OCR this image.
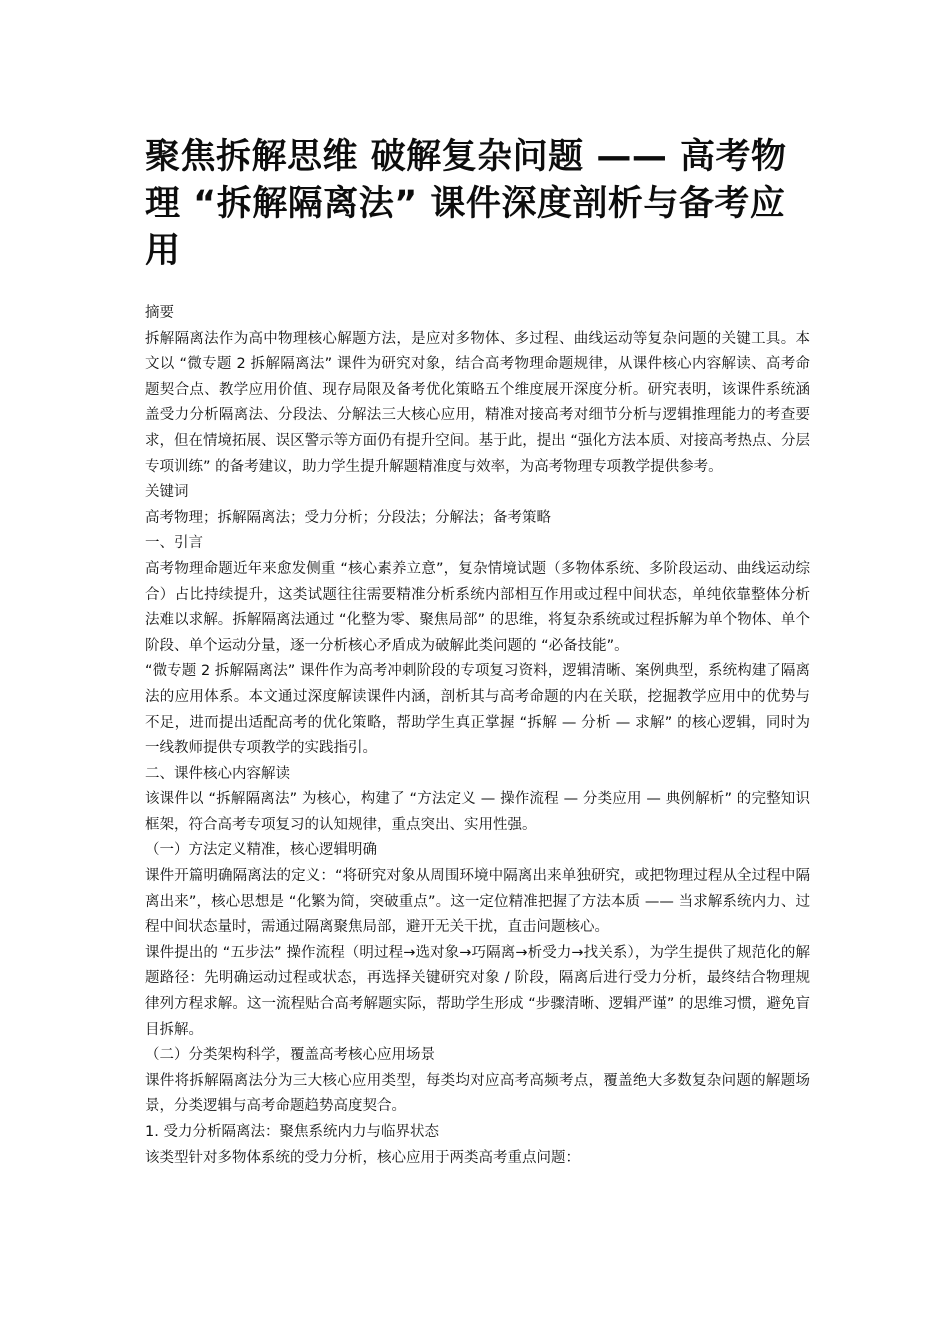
聚焦拆解思维 破解复杂问题 —— 高考物理 “拆解隔离法” 课件深度剖析与备考应用

摘要

拆解隔离法作为高中物理核心解题方法，是应对多物体、多过程、曲线运动等复杂问题的关键工具。本文以 “微专题 2 拆解隔离法” 课件为研究对象，结合高考物理命题规律，从课件核心内容解读、高考命题契合点、教学应用价值、现存局限及备考优化策略五个维度展开深度分析。研究表明，该课件系统涵盖受力分析隔离法、分段法、分解法三大核心应用，精准对接高考对细节分析与逻辑推理能力的考查要求，但在情境拓展、误区警示等方面仍有提升空间。基于此，提出 “强化方法本质、对接高考热点、分层专项训练” 的备考建议，助力学生提升解题精准度与效率，为高考物理专项教学提供参考。

关键词

高考物理；拆解隔离法；受力分析；分段法；分解法；备考策略

一、引言

高考物理命题近年来愈发侧重 “核心素养立意”，复杂情境试题（多物体系统、多阶段运动、曲线运动综合）占比持续提升，这类试题往往需要精准分析系统内部相互作用或过程中间状态，单纯依靠整体分析法难以求解。拆解隔离法通过 “化整为零、聚焦局部” 的思维，将复杂系统或过程拆解为单个物体、单个阶段、单个运动分量，逐一分析核心矛盾成为破解此类问题的 “必备技能”。

“微专题 2 拆解隔离法” 课件作为高考冲刺阶段的专项复习资料，逻辑清晰、案例典型，系统构建了隔离法的应用体系。本文通过深度解读课件内涵，剖析其与高考命题的内在关联，挖掘教学应用中的优势与不足，进而提出适配高考的优化策略，帮助学生真正掌握 “拆解 — 分析 — 求解” 的核心逻辑，同时为一线教师提供专项教学的实践指引。

二、课件核心内容解读

该课件以 “拆解隔离法” 为核心，构建了 “方法定义 — 操作流程 — 分类应用 — 典例解析” 的完整知识框架，符合高考专项复习的认知规律，重点突出、实用性强。

（一）方法定义精准，核心逻辑明确

课件开篇明确隔离法的定义：“将研究对象从周围环境中隔离出来单独研究，或把物理过程从全过程中隔离出来”，核心思想是 “化繁为简，突破重点”。这一定位精准把握了方法本质 —— 当求解系统内力、过程中间状态量时，需通过隔离聚焦局部，避开无关干扰，直击问题核心。

课件提出的 “五步法” 操作流程（明过程→选对象→巧隔离→析受力→找关系），为学生提供了规范化的解题路径：先明确运动过程或状态，再选择关键研究对象 / 阶段，隔离后进行受力分析，最终结合物理规律列方程求解。这一流程贴合高考解题实际，帮助学生形成 “步骤清晰、逻辑严谨” 的思维习惯，避免盲目拆解。

（二）分类架构科学，覆盖高考核心应用场景

课件将拆解隔离法分为三大核心应用类型，每类均对应高考高频考点，覆盖绝大多数复杂问题的解题场景，分类逻辑与高考命题趋势高度契合。

1. 受力分析隔离法：聚焦系统内力与临界状态

该类型针对多物体系统的受力分析，核心应用于两类高考重点问题：
